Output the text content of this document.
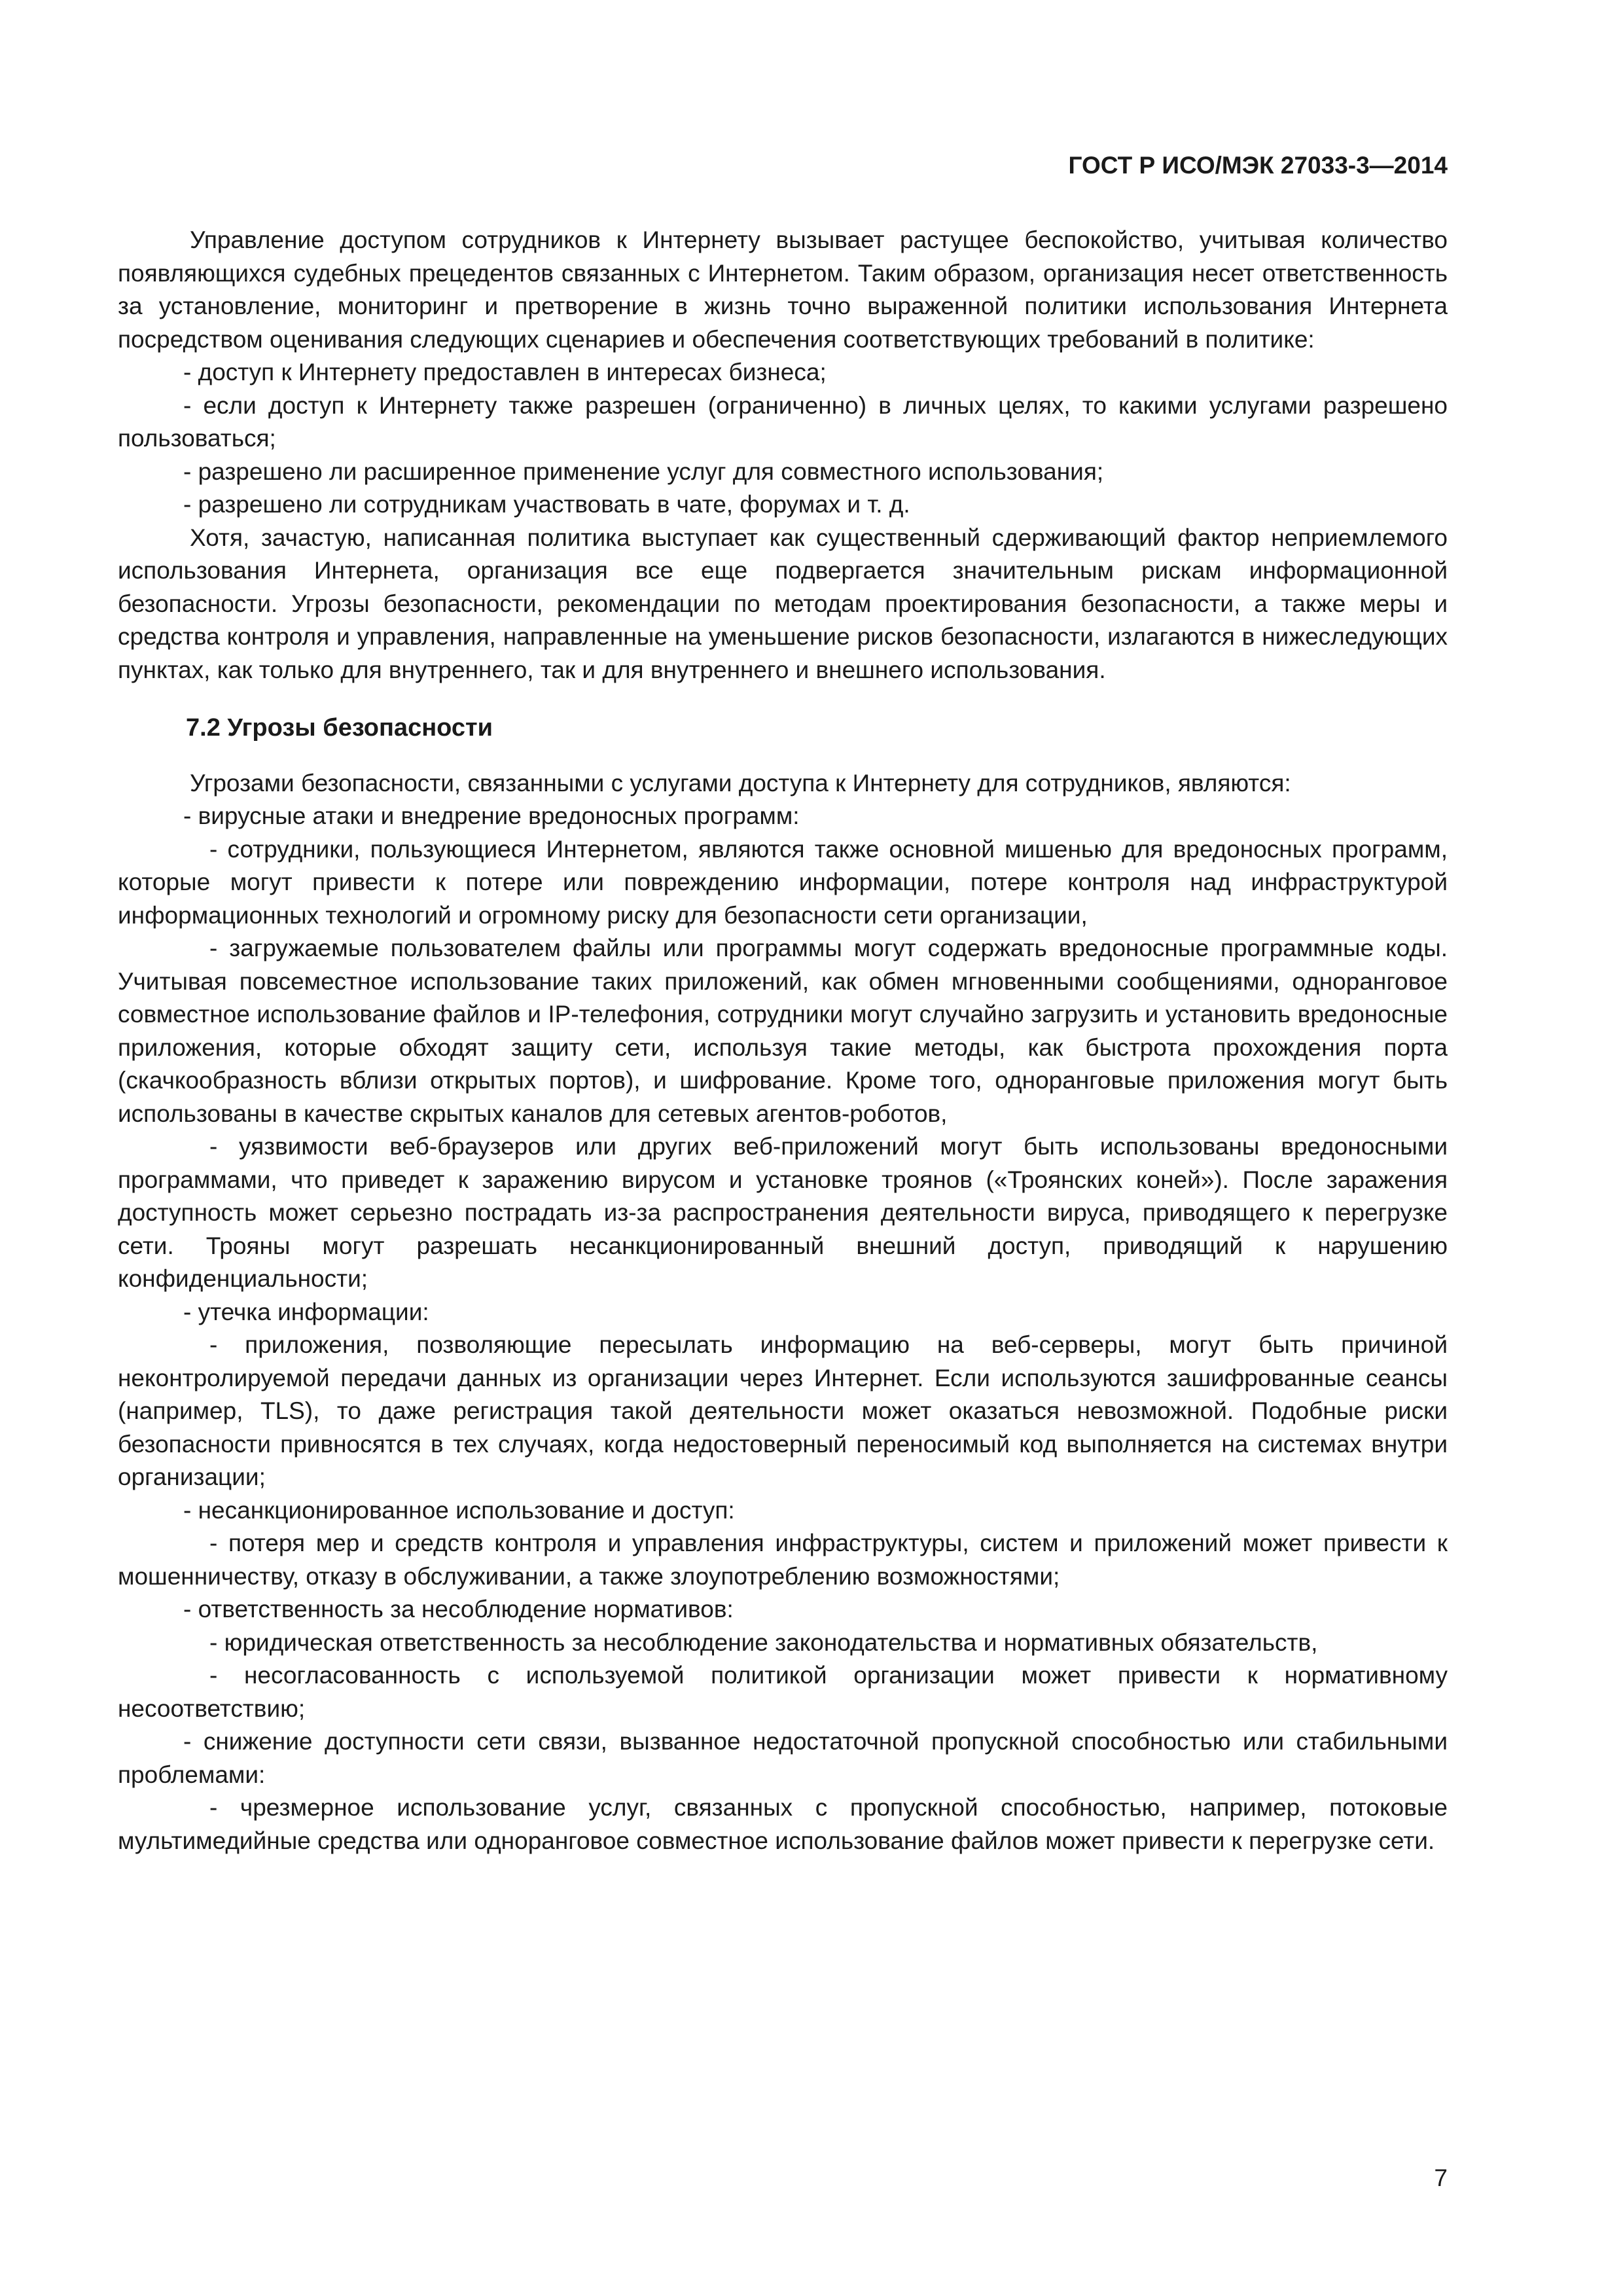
ГОСТ Р ИСО/МЭК 27033-3—2014

Управление доступом сотрудников к Интернету вызывает растущее беспокойство, учитывая количество появляющихся судебных прецедентов связанных с Интернетом. Таким образом, организация несет ответственность за установление, мониторинг и претворение в жизнь точно выраженной политики использования Интернета посредством оценивания следующих сценариев и обеспечения соответствующих требований в политике:

- доступ к Интернету предоставлен в интересах бизнеса;

- если доступ к Интернету также разрешен (ограниченно) в личных целях, то какими услугами разрешено пользоваться;

- разрешено ли расширенное применение услуг для совместного использования;

- разрешено ли сотрудникам участвовать в чате, форумах и т. д.

Хотя, зачастую, написанная политика выступает как существенный сдерживающий фактор неприемлемого использования Интернета, организация все еще подвергается значительным рискам информационной безопасности. Угрозы безопасности, рекомендации по методам проектирования безопасности, а также меры и средства контроля и управления, направленные на уменьшение рисков безопасности, излагаются в нижеследующих пунктах, как только для внутреннего, так и для внутреннего и внешнего использования.

7.2 Угрозы безопасности

Угрозами безопасности, связанными с услугами доступа к Интернету для сотрудников, являются:

- вирусные атаки и внедрение вредоносных программ:

- сотрудники, пользующиеся Интернетом, являются также основной мишенью для вредоносных программ, которые могут привести к потере или повреждению информации, потере контроля над инфраструктурой информационных технологий и огромному риску для безопасности сети организации,

- загружаемые пользователем файлы или программы могут содержать вредоносные программные коды. Учитывая повсеместное использование таких приложений, как обмен мгновенными сообщениями, одноранговое совместное использование файлов и IP-телефония, сотрудники могут случайно загрузить и установить вредоносные приложения, которые обходят защиту сети, используя такие методы, как быстрота прохождения порта (скачкообразность вблизи открытых портов), и шифрование. Кроме того, одноранговые приложения могут быть использованы в качестве скрытых каналов для сетевых агентов-роботов,

- уязвимости веб-браузеров или других веб-приложений могут быть использованы вредоносными программами, что приведет к заражению вирусом и установке троянов («Троянских коней»). После заражения доступность может серьезно пострадать из-за распространения деятельности вируса, приводящего к перегрузке сети. Трояны могут разрешать несанкционированный внешний доступ, приводящий к нарушению конфиденциальности;

- утечка информации:

- приложения, позволяющие пересылать информацию на веб-серверы, могут быть причиной неконтролируемой передачи данных из организации через Интернет. Если используются зашифрованные сеансы (например, TLS), то даже регистрация такой деятельности может оказаться невозможной. Подобные риски безопасности привносятся в тех случаях, когда недостоверный переносимый код выполняется на системах внутри организации;

- несанкционированное использование и доступ:

- потеря мер и средств контроля и управления инфраструктуры, систем и приложений может привести к мошенничеству, отказу в обслуживании, а также злоупотреблению возможностями;

- ответственность за несоблюдение нормативов:

- юридическая ответственность за несоблюдение законодательства и нормативных обязательств,

- несогласованность с используемой политикой организации может привести к нормативному несоответствию;

- снижение доступности сети связи, вызванное недостаточной пропускной способностью или стабильными проблемами:

- чрезмерное использование услуг, связанных с пропускной способностью, например, потоковые мультимедийные средства или одноранговое совместное использование файлов может привести к перегрузке сети.

7
